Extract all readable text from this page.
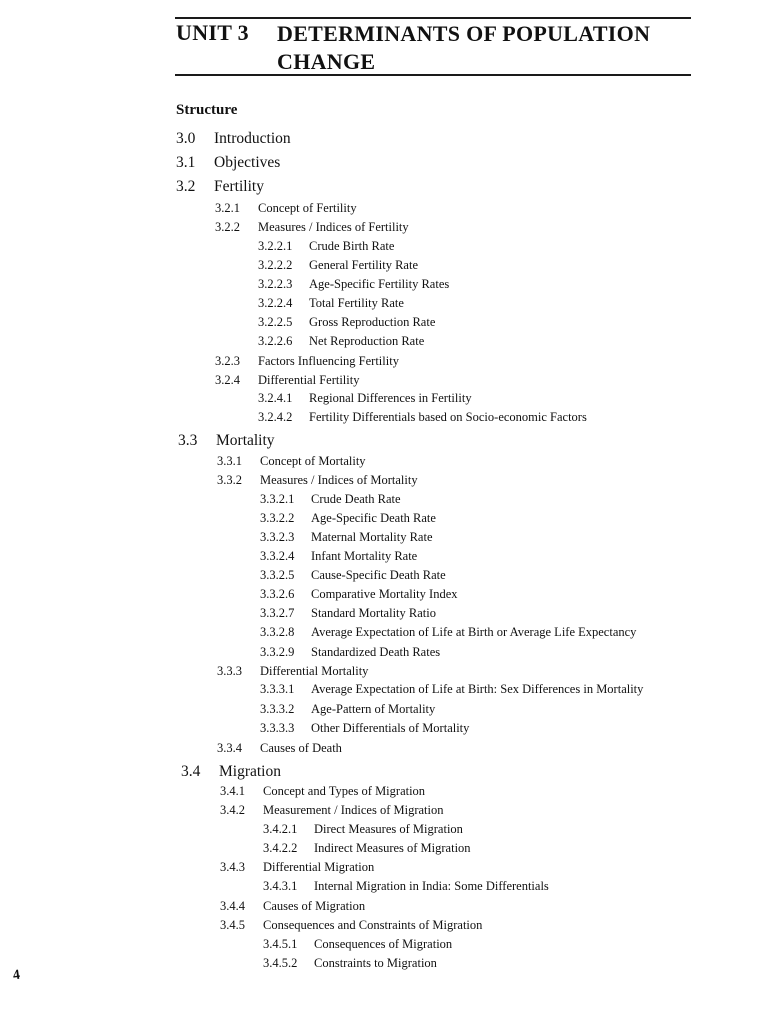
UNIT 3 DETERMINANTS OF POPULATION
CHANGE
Structure
3.0	Introduction
3.1	Objectives
3.2	Fertility
3.2.1	Concept of Fertility
3.2.2	Measures / Indices of Fertility
3.2.2.1	Crude Birth Rate
3.2.2.2	General Fertility Rate
3.2.2.3	Age-Specific Fertility Rates
3.2.2.4	Total Fertility Rate
3.2.2.5	Gross Reproduction Rate
3.2.2.6	Net Reproduction Rate
3.2.3	Factors Influencing Fertility
3.2.4	Differential Fertility
3.2.4.1	Regional Differences in Fertility
3.2.4.2	Fertility Differentials based on Socio-economic Factors
3.3	Mortality
3.3.1	Concept of Mortality
3.3.2	Measures / Indices of Mortality
3.3.2.1	Crude Death Rate
3.3.2.2	Age-Specific Death Rate
3.3.2.3	Maternal Mortality Rate
3.3.2.4	Infant Mortality Rate
3.3.2.5	Cause-Specific Death Rate
3.3.2.6	Comparative Mortality Index
3.3.2.7	Standard Mortality Ratio
3.3.2.8	Average Expectation of Life at Birth or Average Life Expectancy
3.3.2.9	Standardized Death Rates
3.3.3	Differential Mortality
3.3.3.1	Average Expectation of Life at Birth: Sex Differences in Mortality
3.3.3.2	Age-Pattern of Mortality
3.3.3.3	Other Differentials of Mortality
3.3.4	Causes of Death
3.4	Migration
3.4.1	Concept and Types of Migration
3.4.2	Measurement / Indices of Migration
3.4.2.1	Direct Measures of Migration
3.4.2.2	Indirect Measures of Migration
3.4.3	Differential Migration
3.4.3.1	Internal Migration in India: Some Differentials
3.4.4	Causes of Migration
3.4.5	Consequences and Constraints of Migration
3.4.5.1	Consequences of Migration
3.4.5.2	Constraints to Migration
4
